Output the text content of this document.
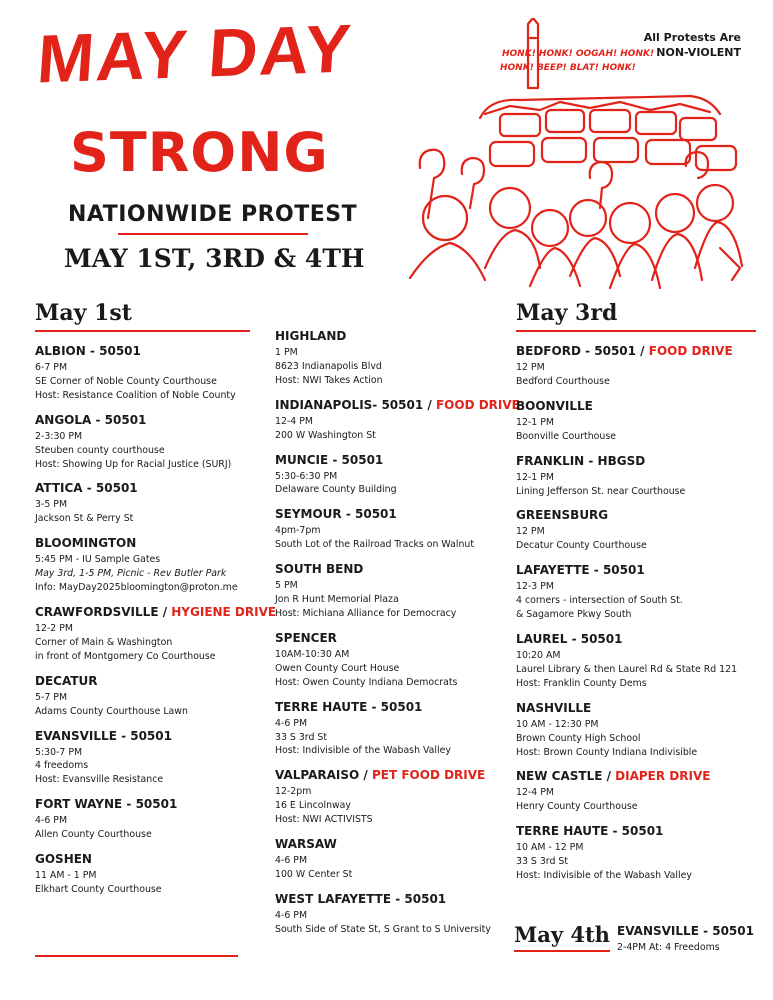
MAY DAY
STRONG
NATIONWIDE PROTEST
MAY 1ST, 3RD & 4TH
All Protests Are
NON-VIOLENT
HONK! HONK! OOGAH! HONK!
HONK! BEEP! BLAT! HONK!
May 1st
ALBION - 50501
6-7 PM
SE Corner of Noble County Courthouse
Host: Resistance Coalition of Noble County
ANGOLA - 50501
2-3:30 PM
Steuben county courthouse
Host: Showing Up for Racial Justice (SURJ)
ATTICA - 50501
3-5 PM
Jackson St & Perry St
BLOOMINGTON
5:45 PM - IU Sample Gates
May 3rd, 1-5 PM, Picnic - Rev Butler Park
Info: MayDay2025bloomington@proton.me
CRAWFORDSVILLE / HYGIENE DRIVE
12-2 PM
Corner of Main & Washington
in front of Montgomery Co Courthouse
DECATUR
5-7 PM
Adams County Courthouse Lawn
EVANSVILLE - 50501
5:30-7 PM
4 freedoms
Host: Evansville Resistance
FORT WAYNE - 50501
4-6 PM
Allen County Courthouse
GOSHEN
11 AM - 1 PM
Elkhart County Courthouse
HIGHLAND
1 PM
8623 Indianapolis Blvd
Host: NWI Takes Action
INDIANAPOLIS- 50501 / FOOD DRIVE
12-4 PM
200 W Washington St
MUNCIE - 50501
5:30-6:30 PM
Delaware County Building
SEYMOUR - 50501
4pm-7pm
South Lot of the Railroad Tracks on Walnut
SOUTH BEND
5 PM
Jon R Hunt Memorial Plaza
Host: Michiana Alliance for Democracy
SPENCER
10AM-10:30 AM
Owen County Court House
Host: Owen County Indiana Democrats
TERRE HAUTE - 50501
4-6 PM
33 S 3rd St
Host: Indivisible of the Wabash Valley
VALPARAISO / PET FOOD DRIVE
12-2pm
16 E Lincolnway
Host: NWI ACTIVISTS
WARSAW
4-6 PM
100 W Center St
WEST LAFAYETTE - 50501
4-6 PM
South Side of State St, S Grant to S University
May 3rd
BEDFORD - 50501 / FOOD DRIVE
12 PM
Bedford Courthouse
BOONVILLE
12-1 PM
Boonville Courthouse
FRANKLIN - HBGSD
12-1 PM
Lining Jefferson St. near Courthouse
GREENSBURG
12 PM
Decatur County Courthouse
LAFAYETTE - 50501
12-3 PM
4 corners - intersection of South St.
& Sagamore Pkwy South
LAUREL - 50501
10:20 AM
Laurel Library & then Laurel Rd & State Rd 121
Host: Franklin County Dems
NASHVILLE
10 AM - 12:30 PM
Brown County High School
Host: Brown County Indiana Indivisible
NEW CASTLE / DIAPER DRIVE
12-4 PM
Henry County Courthouse
TERRE HAUTE - 50501
10 AM - 12 PM
33 S 3rd St
Host: Indivisible of the Wabash Valley
May 4th EVANSVILLE - 50501
2-4PM At: 4 Freedoms
